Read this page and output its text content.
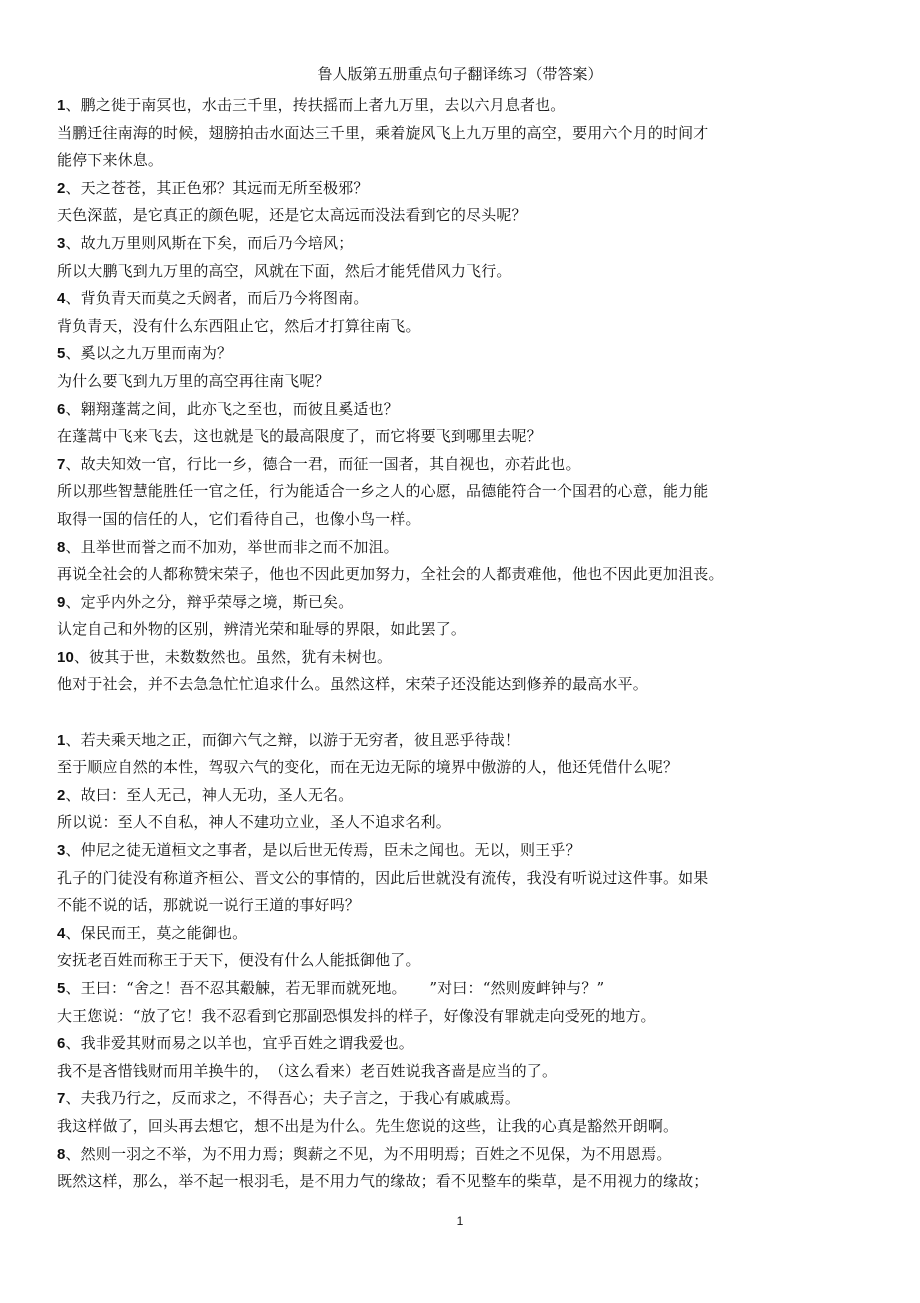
鲁人版第五册重点句子翻译练习（带答案）
1、鹏之徙于南冥也，水击三千里，抟扶摇而上者九万里，去以六月息者也。
当鹏迁往南海的时候，翅膀拍击水面达三千里，乘着旋风飞上九万里的高空，要用六个月的时间才
能停下来休息。
2、天之苍苍，其正色邪？其远而无所至极邪？
天色深蓝，是它真正的颜色呢，还是它太高远而没法看到它的尽头呢？
3、故九万里则风斯在下矣，而后乃今培风；
所以大鹏飞到九万里的高空，风就在下面，然后才能凭借风力飞行。
4、背负青天而莫之夭阏者，而后乃今将图南。
背负青天，没有什么东西阻止它，然后才打算往南飞。
5、奚以之九万里而南为？
为什么要飞到九万里的高空再往南飞呢？
6、翱翔蓬蒿之间，此亦飞之至也，而彼且奚适也？
在蓬蒿中飞来飞去，这也就是飞的最高限度了，而它将要飞到哪里去呢？
7、故夫知效一官，行比一乡，德合一君，而征一国者，其自视也，亦若此也。
所以那些智慧能胜任一官之任，行为能适合一乡之人的心愿，品德能符合一个国君的心意，能力能
取得一国的信任的人，它们看待自己，也像小鸟一样。
8、且举世而誉之而不加劝，举世而非之而不加沮。
再说全社会的人都称赞宋荣子，他也不因此更加努力，全社会的人都责难他，他也不因此更加沮丧。
9、定乎内外之分，辩乎荣辱之境，斯已矣。
认定自己和外物的区别，辨清光荣和耻辱的界限，如此罢了。
10、彼其于世，未数数然也。虽然，犹有未树也。
他对于社会，并不去急急忙忙追求什么。虽然这样，宋荣子还没能达到修养的最高水平。
1、若夫乘天地之正，而御六气之辩，以游于无穷者，彼且恶乎待哉！
至于顺应自然的本性，驾驭六气的变化，而在无边无际的境界中傲游的人，他还凭借什么呢？
2、故曰：至人无己，神人无功，圣人无名。
所以说：至人不自私，神人不建功立业，圣人不追求名利。
3、仲尼之徒无道桓文之事者，是以后世无传焉，臣未之闻也。无以，则王乎？
孔子的门徒没有称道齐桓公、晋文公的事情的，因此后世就没有流传，我没有听说过这件事。如果
不能不说的话，那就说一说行王道的事好吗？
4、保民而王，莫之能御也。
安抚老百姓而称王于天下，便没有什么人能抵御他了。
5、王曰：“舍之！吾不忍其觳觫，若无罪而就死地。　　”对曰：“然则废衅钟与？”
大王您说：“放了它！我不忍看到它那副恐惧发抖的样子，好像没有罪就走向受死的地方。
6、我非爱其财而易之以羊也，宜乎百姓之谓我爱也。
我不是吝惜钱财而用羊换牛的，　（这么看来）老百姓说我吝啬是应当的了。
7、夫我乃行之，反而求之，不得吾心；夫子言之，于我心有戚戚焉。
我这样做了，回头再去想它，想不出是为什么。先生您说的这些，让我的心真是豁然开朗啊。
8、然则一羽之不举，为不用力焉；舆薪之不见，为不用明焉；百姓之不见保，为不用恩焉。
既然这样，那么，举不起一根羽毛，是不用力气的缘故；看不见整车的柴草，是不用视力的缘故；
1
